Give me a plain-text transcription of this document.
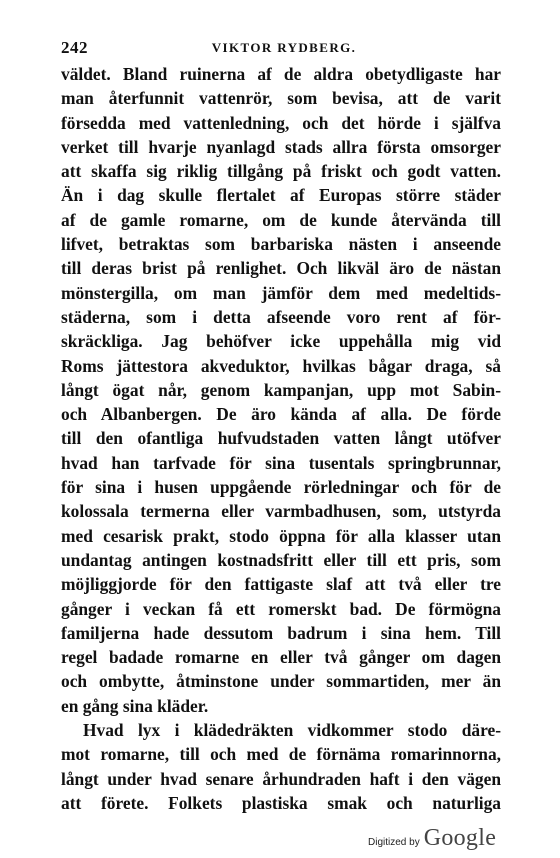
242	VIKTOR RYDBERG.
väldet. Bland ruinerna af de aldra obetydligaste har
man återfunnit vattenrör, som bevisa, att de varit
försedda med vattenledning, och det hörde i själfva
verket till hvarje nyanlagd stads allra första omsorger
att skaffa sig riklig tillgång på friskt och godt vatten.
Än i dag skulle flertalet af Europas större städer
af de gamle romarne, om de kunde återvända till
lifvet, betraktas som barbariska nästen i anseende
till deras brist på renlighet. Och likväl äro de nästan
mönstergilla, om man jämför dem med medeltids-
städerna, som i detta afseende voro rent af för-
skräckliga. Jag behöfver icke uppehålla mig vid
Roms jättestora akveduktor, hvilkas bågar draga, så
långt ögat når, genom kampanjan, upp mot Sabin-
och Albanbergen. De äro kända af alla. De förde
till den ofantliga hufvudstaden vatten långt utöfver
hvad han tarfvade för sina tusentals springbrunnar,
för sina i husen uppgående rörledningar och för de
kolossala termerna eller varmbadhusen, som, utstyrda
med cesarisk prakt, stodo öppna för alla klasser utan
undantag antingen kostnadsfritt eller till ett pris, som
möjliggjorde för den fattigaste slaf att två eller tre
gånger i veckan få ett romerskt bad. De förmögna
familjerna hade dessutom badrum i sina hem. Till
regel badade romarne en eller två gånger om dagen
och ombytte, åtminstone under sommartiden, mer än
en gång sina kläder.
Hvad lyx i klädedräkten vidkommer stodo däre-
mot romarne, till och med de förnäma romarinnorna,
långt under hvad senare århundraden haft i den vägen
att förete. Folkets plastiska smak och naturliga
Digitized by Google
